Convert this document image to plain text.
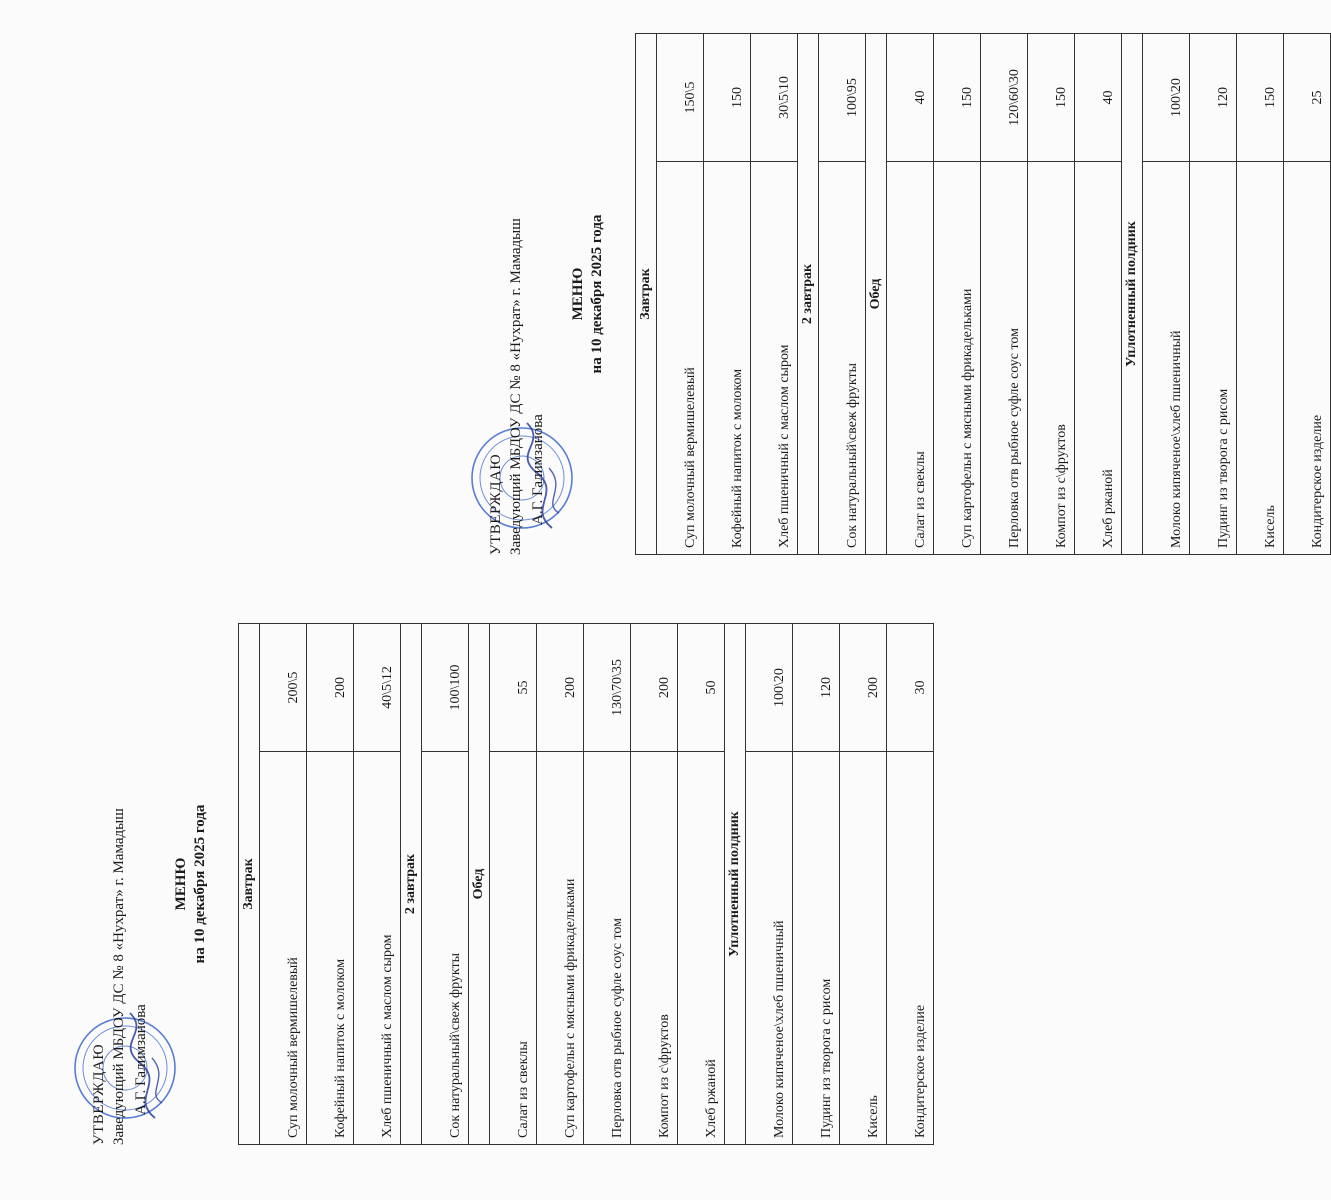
УТВЕРЖДАЮ Заведующий МБДОУ ДС № 8 «Нухрат» г. Мамадыш А.Г. Галимзанова
МЕНЮ на 10 декабря 2025 года Завтрак	
Суп молочный вермишелевый	200\5
Кофейный напиток с молоком	200
Хлеб пшеничный с маслом сыром	40\5\12
2 завтрак	
Сок натуральный\свеж фрукты	100\100
Обед	
Салат из свеклы	55
Суп картофельн с мясными фрикадельками	200
Перловка отв рыбное суфле соус том	130\70\35
Компот из с\фруктов	200
Хлеб ржаной	50
Уплотненный полдник	
Молоко кипяченое\хлеб пшеничный	100\20
Пудинг из творога с рисом	120
Кисель	200
Кондитерское изделие	30
УТВЕРЖДАЮ Заведующий МБДОУ ДС № 8 «Нухрат» г. Мамадыш А.Г. Галимзанова
МЕНЮ на 10 декабря 2025 года Завтрак	
Суп молочный вермишелевый	150\5
Кофейный напиток с молоком	150
Хлеб пшеничный с маслом сыром	30\5\10
2 завтрак	
Сок натуральный\свеж фрукты	100\95
Обед	
Салат из свеклы	40
Суп картофельн с мясными фрикадельками	150
Перловка отв рыбное суфле соус том	120\60\30
Компот из с\фруктов	150
Хлеб ржаной	40
Уплотненный полдник	
Молоко кипяченое\хлеб пшеничный	100\20
Пудинг из творога с рисом	120
Кисель	150
Кондитерское изделие	25
